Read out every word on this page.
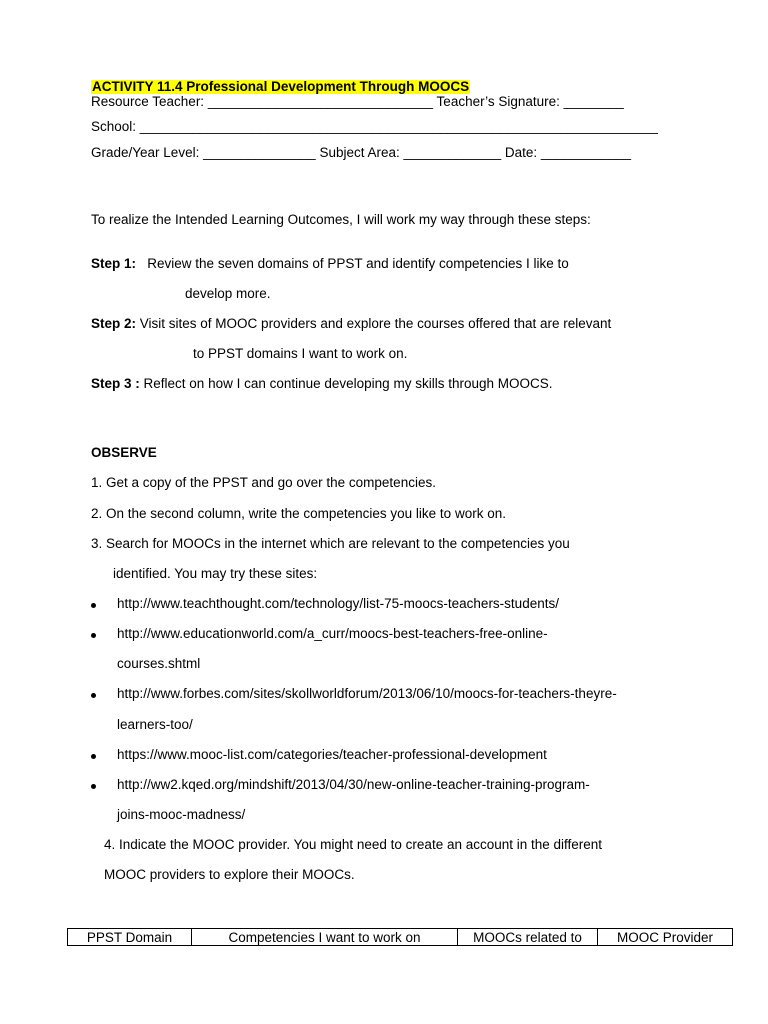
ACTIVITY 11.4 Professional Development Through MOOCS
Resource Teacher: ______________________________ Teacher’s Signature: ________
School: _____________________________________________________________________
Grade/Year Level: _______________ Subject Area: _____________ Date: ____________
To realize the Intended Learning Outcomes, I will work my way through these steps:
Step 1: Review the seven domains of PPST and identify competencies I like to
develop more.
Step 2: Visit sites of MOOC providers and explore the courses offered that are relevant
to PPST domains I want to work on.
Step 3 : Reflect on how I can continue developing my skills through MOOCS.
OBSERVE
1. Get a copy of the PPST and go over the competencies.
2. On the second column, write the competencies you like to work on.
3. Search for MOOCs in the internet which are relevant to the competencies you
identified. You may try these sites:
http://www.teachthought.com/technology/list-75-moocs-teachers-students/
http://www.educationworld.com/a_curr/moocs-best-teachers-free-online-
courses.shtml
http://www.forbes.com/sites/skollworldforum/2013/06/10/moocs-for-teachers-theyre-
learners-too/
https://www.mooc-list.com/categories/teacher-professional-development
http://ww2.kqed.org/mindshift/2013/04/30/new-online-teacher-training-program-
joins-mooc-madness/
4. Indicate the MOOC provider. You might need to create an account in the different
MOOC providers to explore their MOOCs.
PPST Domain	Competencies I want to work on	MOOCs related to	MOOC Provider
